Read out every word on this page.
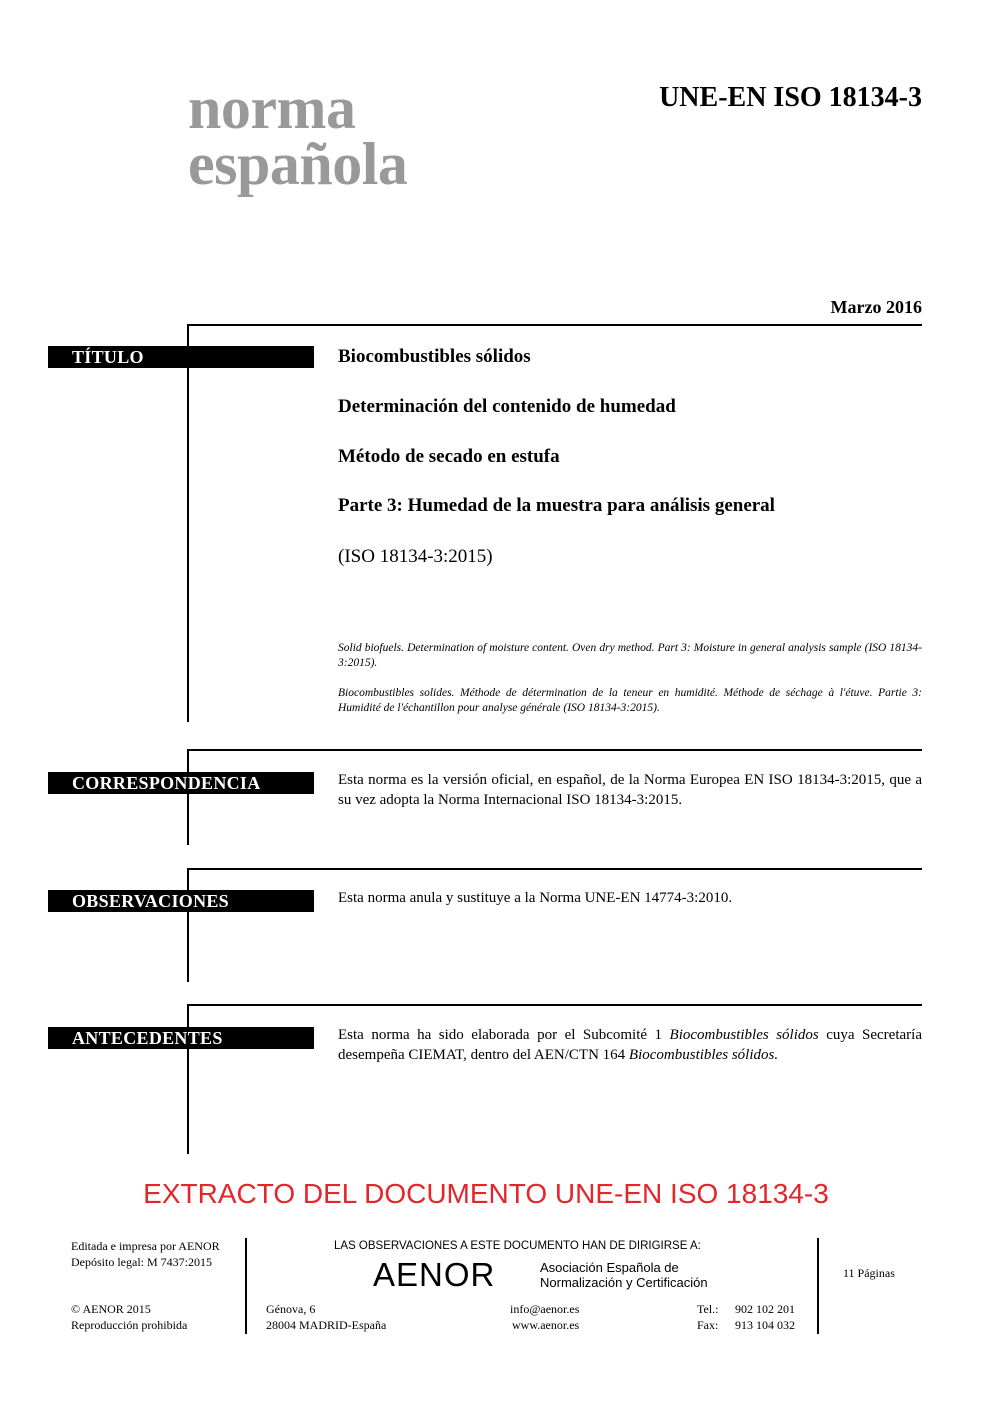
norma
española
UNE-EN ISO 18134-3
Marzo 2016
TÍTULO	Biocombustibles sólidos
Determinación del contenido de humedad
Método de secado en estufa
Parte 3: Humedad de la muestra para análisis general
(ISO 18134-3:2015)
Solid biofuels. Determination of moisture content. Oven dry method. Part 3: Moisture in general analysis sample (ISO 18134-3:2015).
Biocombustibles solides. Méthode de détermination de la teneur en humidité. Méthode de séchage à l'étuve. Partie 3: Humidité de l'échantillon pour analyse générale (ISO 18134-3:2015).
CORRESPONDENCIA	Esta norma es la versión oficial, en español, de la Norma Europea EN ISO 18134-3:2015, que a su vez adopta la Norma Internacional ISO 18134-3:2015.
OBSERVACIONES	Esta norma anula y sustituye a la Norma UNE-EN 14774-3:2010.
ANTECEDENTES	Esta norma ha sido elaborada por el Subcomité 1 Biocombustibles sólidos cuya Secretaría desempeña CIEMAT, dentro del AEN/CTN 164 Biocombustibles sólidos.
EXTRACTO DEL DOCUMENTO UNE-EN ISO 18134-3
Editada e impresa por AENOR
Depósito legal: M 7437:2015
© AENOR 2015
Reproducción prohibida
LAS OBSERVACIONES A ESTE DOCUMENTO HAN DE DIRIGIRSE A:
AENOR	Asociación Española de
Normalización y Certificación
Génova, 6
28004 MADRID-España
info@aenor.es
www.aenor.es
Tel.: 902 102 201
Fax: 913 104 032
11 Páginas
